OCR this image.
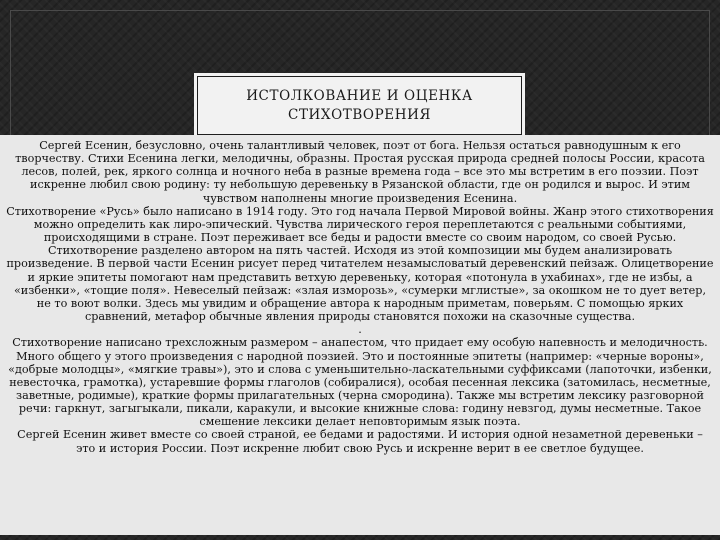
ИСТОЛКОВАНИЕ И ОЦЕНКА
СТИХОТВОРЕНИЯ

Сергей Есенин, безусловно, очень талантливый человек, поэт от бога. Нельзя остаться равнодушным к его творчеству. Стихи Есенина легки, мелодичны, образны. Простая русская природа средней полосы России, красота лесов, полей, рек, яркого солнца и ночного неба в разные времена года – все это мы встретим в его поэзии. Поэт искренне любил свою родину: ту небольшую деревеньку в Рязанской области, где он родился и вырос. И этим чувством наполнены многие произведения Есенина.

Стихотворение «Русь» было написано в 1914 году. Это год начала Первой Мировой войны. Жанр этого стихотворения можно определить как лиро-эпический. Чувства лирического героя переплетаются с реальными событиями, происходящими в стране. Поэт переживает все беды и радости вместе со своим народом, со своей Русью.

Стихотворение разделено автором на пять частей. Исходя из этой композиции мы будем анализировать произведение. В первой части Есенин рисует перед читателем незамысловатый деревенский пейзаж. Олицетворение и яркие эпитеты помогают нам представить ветхую деревеньку, которая «потонула в ухабинах», где не избы, а «избенки», «тощие поля». Невеселый пейзаж: «злая изморозь», «сумерки мглистые», за окошком не то дует ветер, не то воют волки. Здесь мы увидим и обращение автора к народным приметам, поверьям. С помощью ярких сравнений, метафор обычные явления природы становятся похожи на сказочные существа.

.

Стихотворение написано трехсложным размером – анапестом, что придает ему особую напевность и мелодичность. Много общего у этого произведения с народной поэзией. Это и постоянные эпитеты (например: «черные вороны», «добрые молодцы», «мягкие травы»), это и слова с уменьшительно-ласкательными суффиксами (лапоточки, избенки, невесточка, грамотка), устаревшие формы глаголов (собиралися), особая песенная лексика (затомилась, несметные, заветные, родимые), краткие формы прилагательных (черна смородина). Также мы встретим лексику разговорной речи: гаркнут, загыгыкали, пикали, каракули, и высокие книжные слова: годину невзгод, думы несметные. Такое смешение лексики делает неповторимым язык поэта.

Сергей Есенин живет вместе со своей страной, ее бедами и радостями. И история одной незаметной деревеньки – это и история России. Поэт искренне любит свою Русь и искренне верит в ее светлое будущее.
